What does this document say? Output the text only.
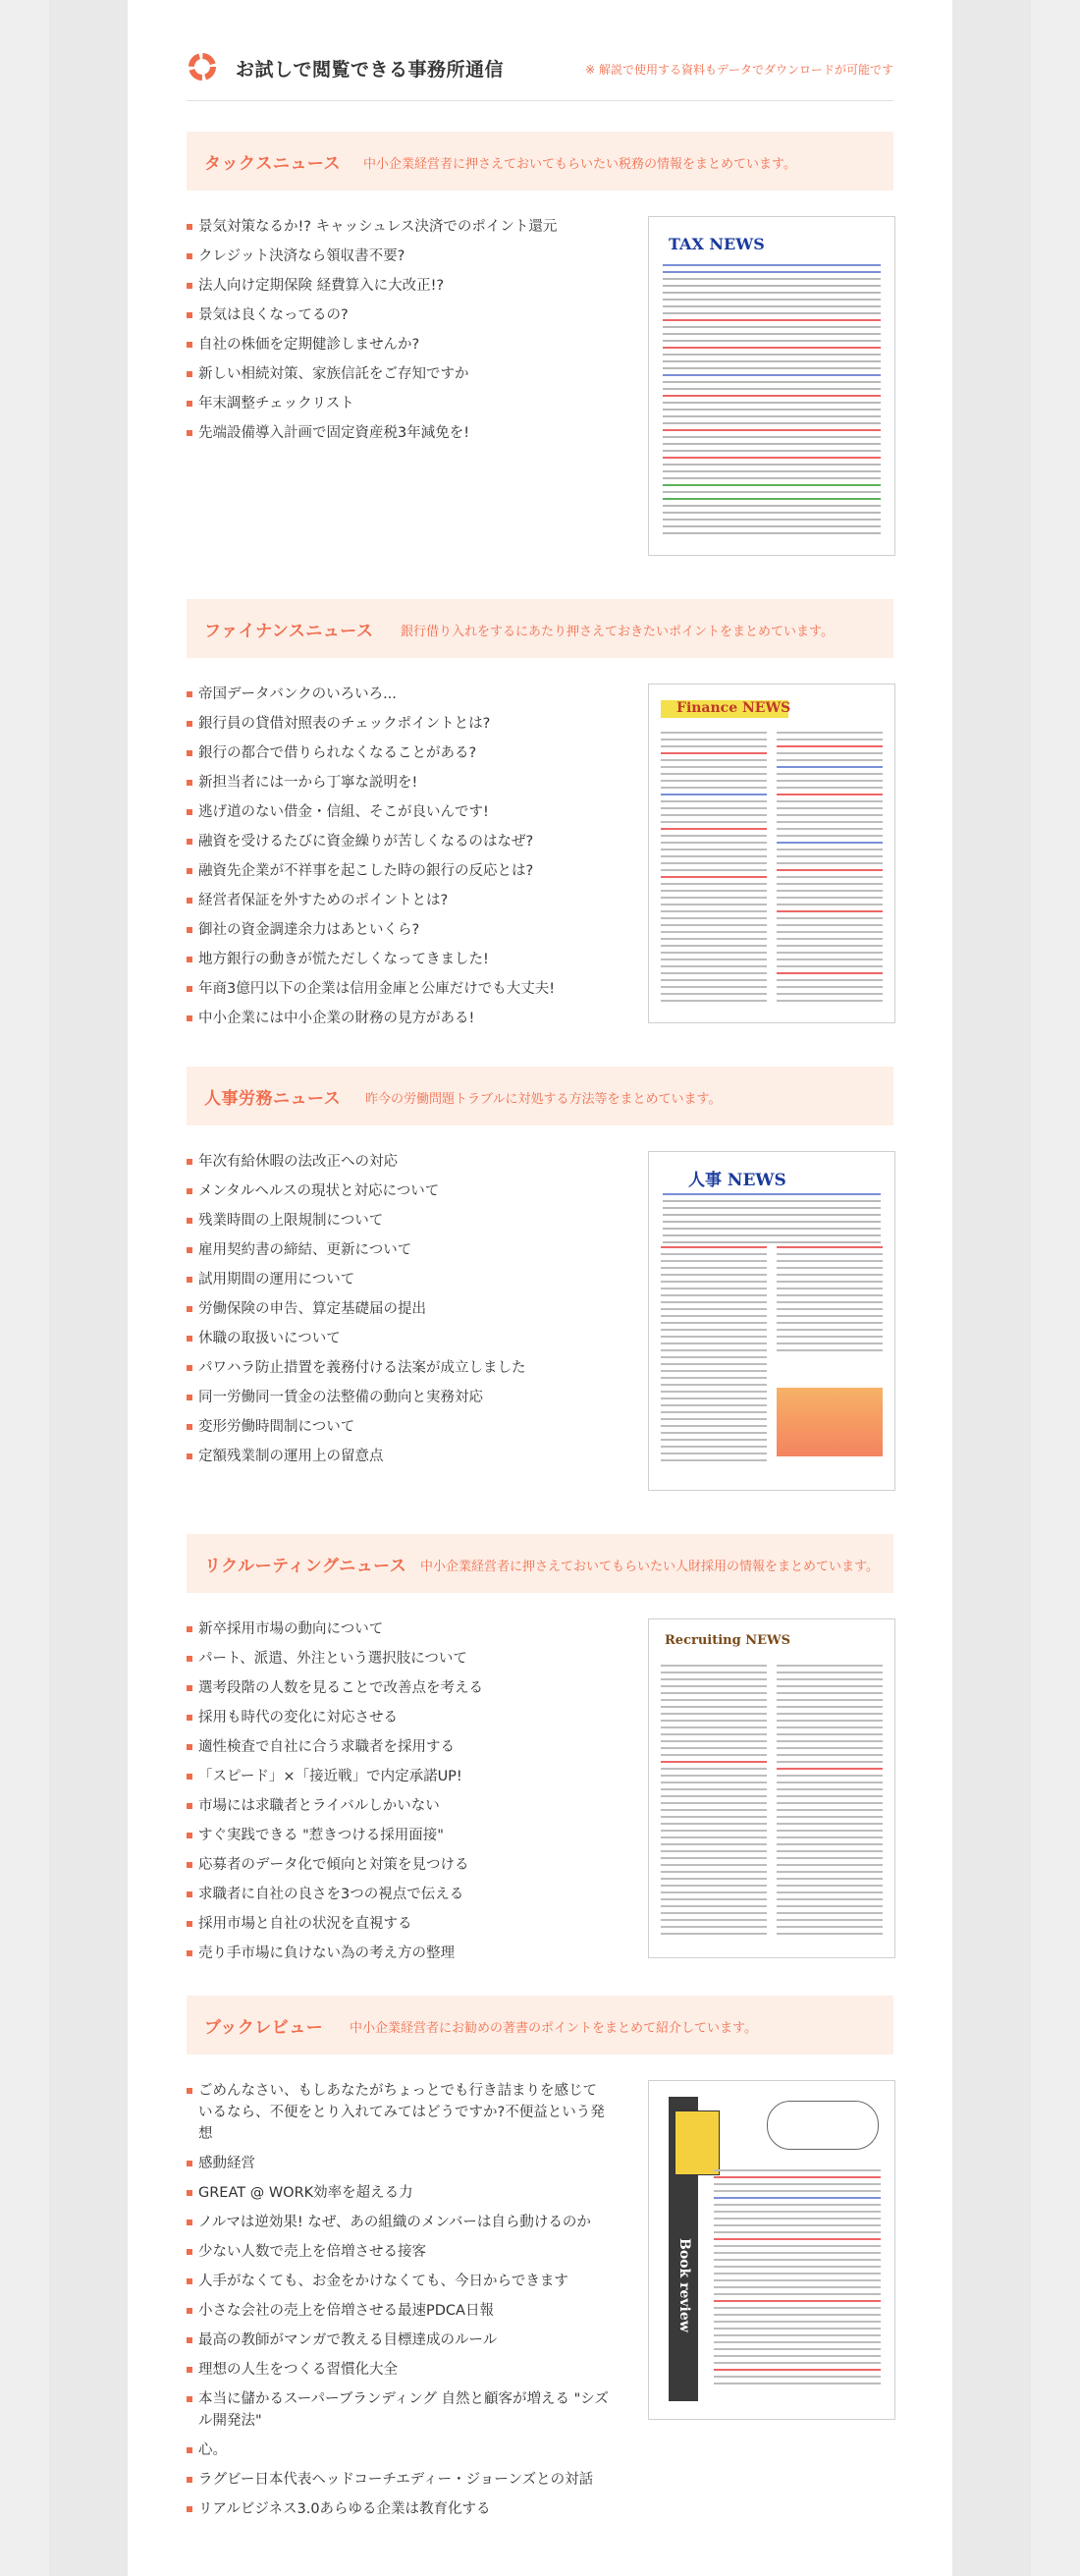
お試しで閲覧できる事務所通信	※ 解説で使用する資料もデータでダウンロードが可能です
タックスニュース 中小企業経営者に押さえておいてもらいたい税務の情報をまとめています。
景気対策なるか!? キャッシュレス決済でのポイント還元
クレジット決済なら領収書不要?
法人向け定期保険 経費算入に大改正!?
景気は良くなってるの?
自社の株価を定期健診しませんか?
新しい相続対策、家族信託をご存知ですか
年末調整チェックリスト
先端設備導入計画で固定資産税3年減免を!
TAX NEWS
ファイナンスニュース 銀行借り入れをするにあたり押さえておきたいポイントをまとめています。
帝国データバンクのいろいろ...
銀行員の貸借対照表のチェックポイントとは?
銀行の都合で借りられなくなることがある?
新担当者には一から丁寧な説明を!
逃げ道のない借金・信組、そこが良いんです!
融資を受けるたびに資金繰りが苦しくなるのはなぜ?
融資先企業が不祥事を起こした時の銀行の反応とは?
経営者保証を外すためのポイントとは?
御社の資金調達余力はあといくら?
地方銀行の動きが慌ただしくなってきました!
年商3億円以下の企業は信用金庫と公庫だけでも大丈夫!
中小企業には中小企業の財務の見方がある!
Finance NEWS
人事労務ニュース 昨今の労働問題トラブルに対処する方法等をまとめています。
年次有給休暇の法改正への対応
メンタルヘルスの現状と対応について
残業時間の上限規制について
雇用契約書の締結、更新について
試用期間の運用について
労働保険の申告、算定基礎届の提出
休職の取扱いについて
パワハラ防止措置を義務付ける法案が成立しました
同一労働同一賃金の法整備の動向と実務対応
変形労働時間制について
定額残業制の運用上の留意点
人事 NEWS
リクルーティングニュース 中小企業経営者に押さえておいてもらいたい人財採用の情報をまとめています。
新卒採用市場の動向について
パート、派遣、外注という選択肢について
選考段階の人数を見ることで改善点を考える
採用も時代の変化に対応させる
適性検査で自社に合う求職者を採用する
「スピード」×「接近戦」で内定承諾UP!
市場には求職者とライバルしかいない
すぐ実践できる "惹きつける採用面接"
応募者のデータ化で傾向と対策を見つける
求職者に自社の良さを3つの視点で伝える
採用市場と自社の状況を直視する
売り手市場に負けない為の考え方の整理
Recruiting NEWS
ブックレビュー 中小企業経営者にお勧めの著書のポイントをまとめて紹介しています。
ごめんなさい、もしあなたがちょっとでも行き詰まりを感じているなら、不便をとり入れてみてはどうですか?不便益という発想
感動経営
GREAT @ WORK効率を超える力
ノルマは逆効果! なぜ、あの組織のメンバーは自ら動けるのか
少ない人数で売上を倍増させる接客
人手がなくても、お金をかけなくても、今日からできます
小さな会社の売上を倍増させる最速PDCA日報
最高の教師がマンガで教える目標達成のルール
理想の人生をつくる習慣化大全
本当に儲かるスーパーブランディング 自然と顧客が増える "シズル開発法"
心。
ラグビー日本代表ヘッドコーチエディー・ジョーンズとの対話
リアルビジネス3.0あらゆる企業は教育化する
Book review
